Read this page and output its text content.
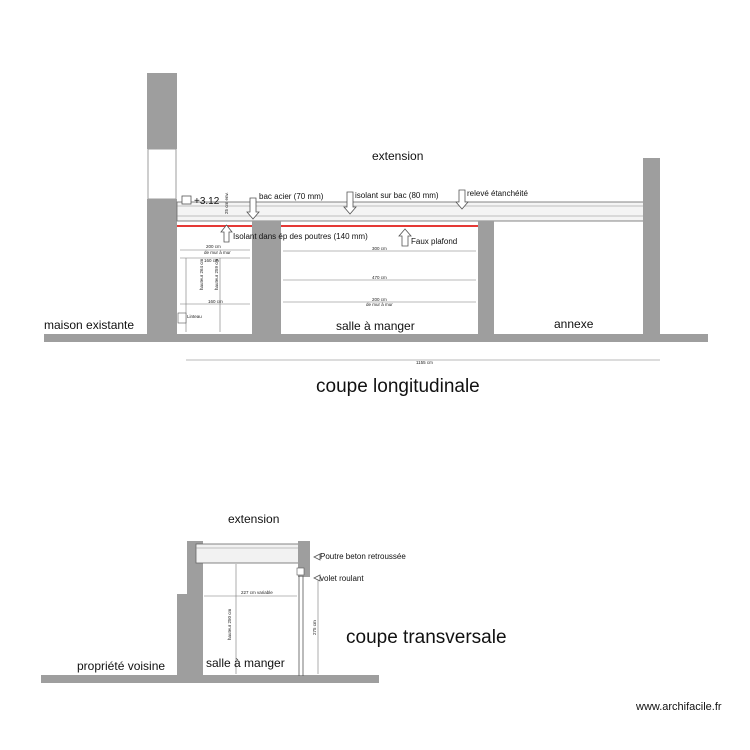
+3.12 25 cm env.	bac acier (70 mm)	isolant sur bac (80 mm)	relevé étanchéité
Isolant dans ép des poutres (140 mm)
Faux plafond
extension
200 cm
de mur à mur
160 cm
300 cm
470 cm
200 cm
de mur à mur
160 cm
hauteur 264 cm hauteur 259 cm
Linteau
1155 cm
maison existante	salle à manger	annexe
coupe longitudinale
Poutre beton retroussée
volet roulant
227 cm variable
hauteur 250 cm	275 cm
extension
propriété voisine	salle à manger
coupe transversale
www.archifacile.fr
